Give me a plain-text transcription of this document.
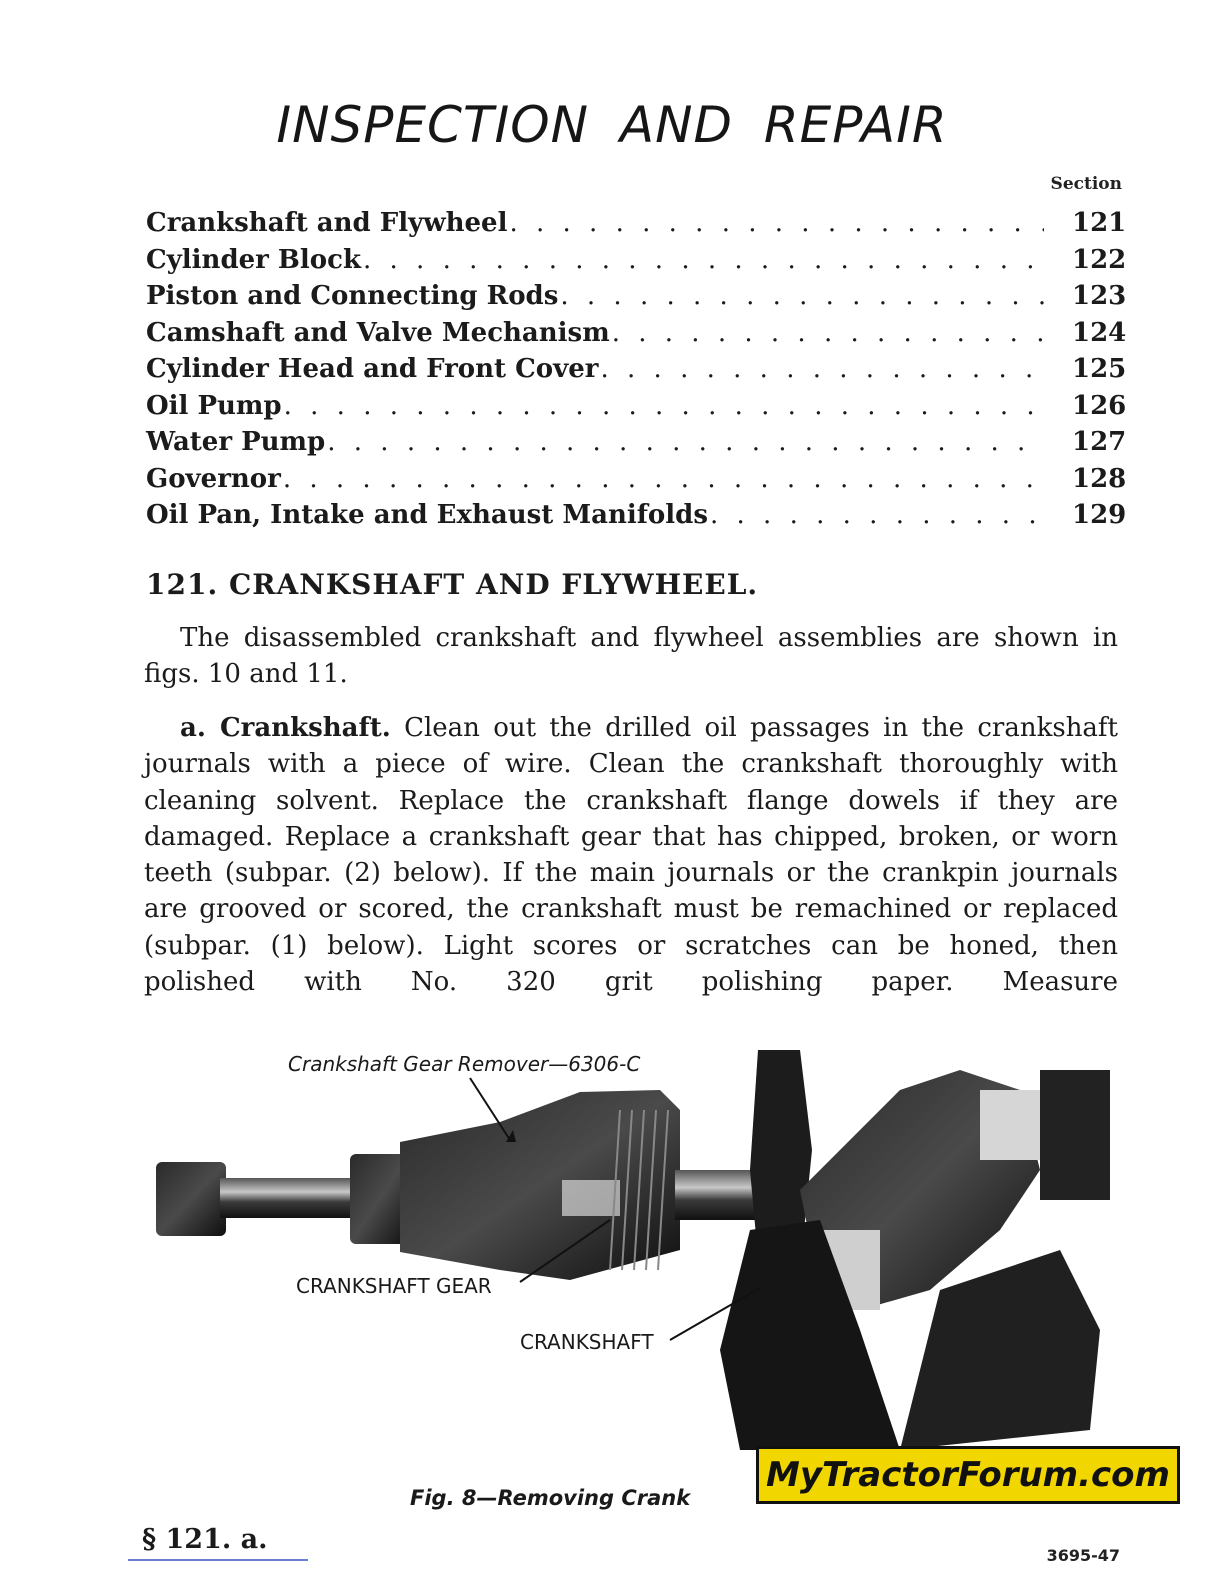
INSPECTION AND REPAIR
Section
Crankshaft and Flywheel . . .	121
Cylinder Block . . .	122
Piston and Connecting Rods . . .	123
Camshaft and Valve Mechanism . . .	124
Cylinder Head and Front Cover . . .	125
Oil Pump . . .	126
Water Pump . . .	127
Governor . . .	128
Oil Pan, Intake and Exhaust Manifolds . . .	129
121. CRANKSHAFT AND FLYWHEEL.
The disassembled crankshaft and flywheel assemblies are shown in figs. 10 and 11.
a. Crankshaft. Clean out the drilled oil passages in the crankshaft journals with a piece of wire. Clean the crankshaft thoroughly with cleaning solvent. Replace the crankshaft flange dowels if they are damaged. Replace a crankshaft gear that has chipped, broken, or worn teeth (subpar. (2) below). If the main journals or the crankpin journals are grooved or scored, the crankshaft must be remachined or replaced (subpar. (1) below). Light scores or scratches can be honed, then polished with No. 320 grit polishing paper. Measure
Crankshaft Gear Remover—6306-C
CRANKSHAFT GEAR
CRANKSHAFT
MyTractorForum.com
Fig. 8—Removing Crank
§ 121. a.
3695-47
